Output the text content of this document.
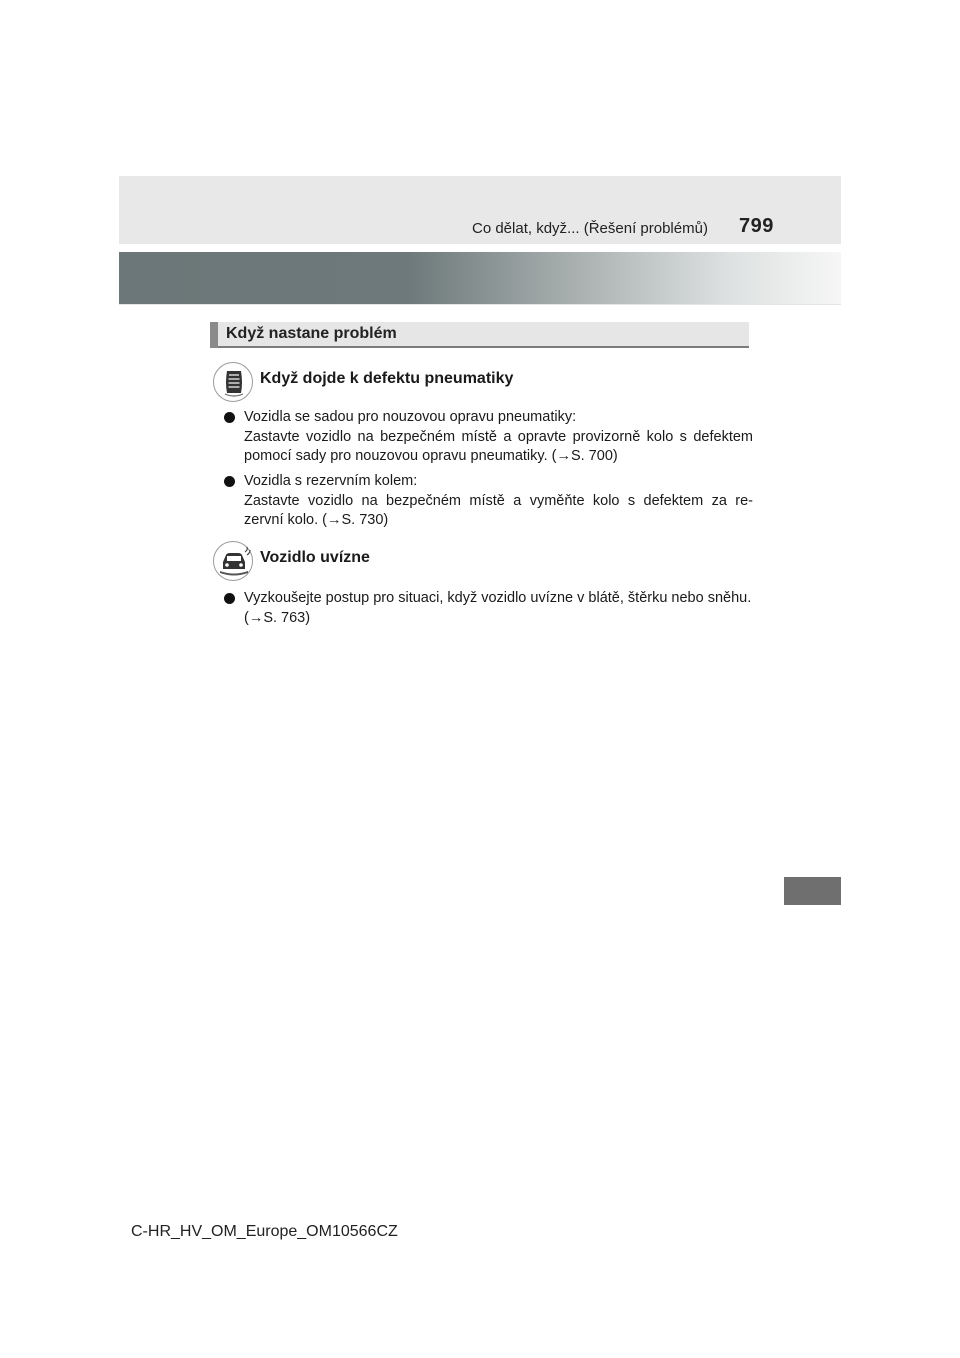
Co dělat, když... (Řešení problémů) 799
Když nastane problém
Když dojde k defektu pneumatiky
Vozidla se sadou pro nouzovou opravu pneumatiky:
Zastavte vozidlo na bezpečném místě a opravte provizorně kolo s defektem
pomocí sady pro nouzovou opravu pneumatiky. (→S. 700)
Vozidla s rezervním kolem:
Zastavte vozidlo na bezpečném místě a vyměňte kolo s defektem za re-
zervní kolo. (→S. 730)
Vozidlo uvízne
Vyzkoušejte postup pro situaci, když vozidlo uvízne v blátě, štěrku nebo sněhu.
(→S. 763)
C-HR_HV_OM_Europe_OM10566CZ
